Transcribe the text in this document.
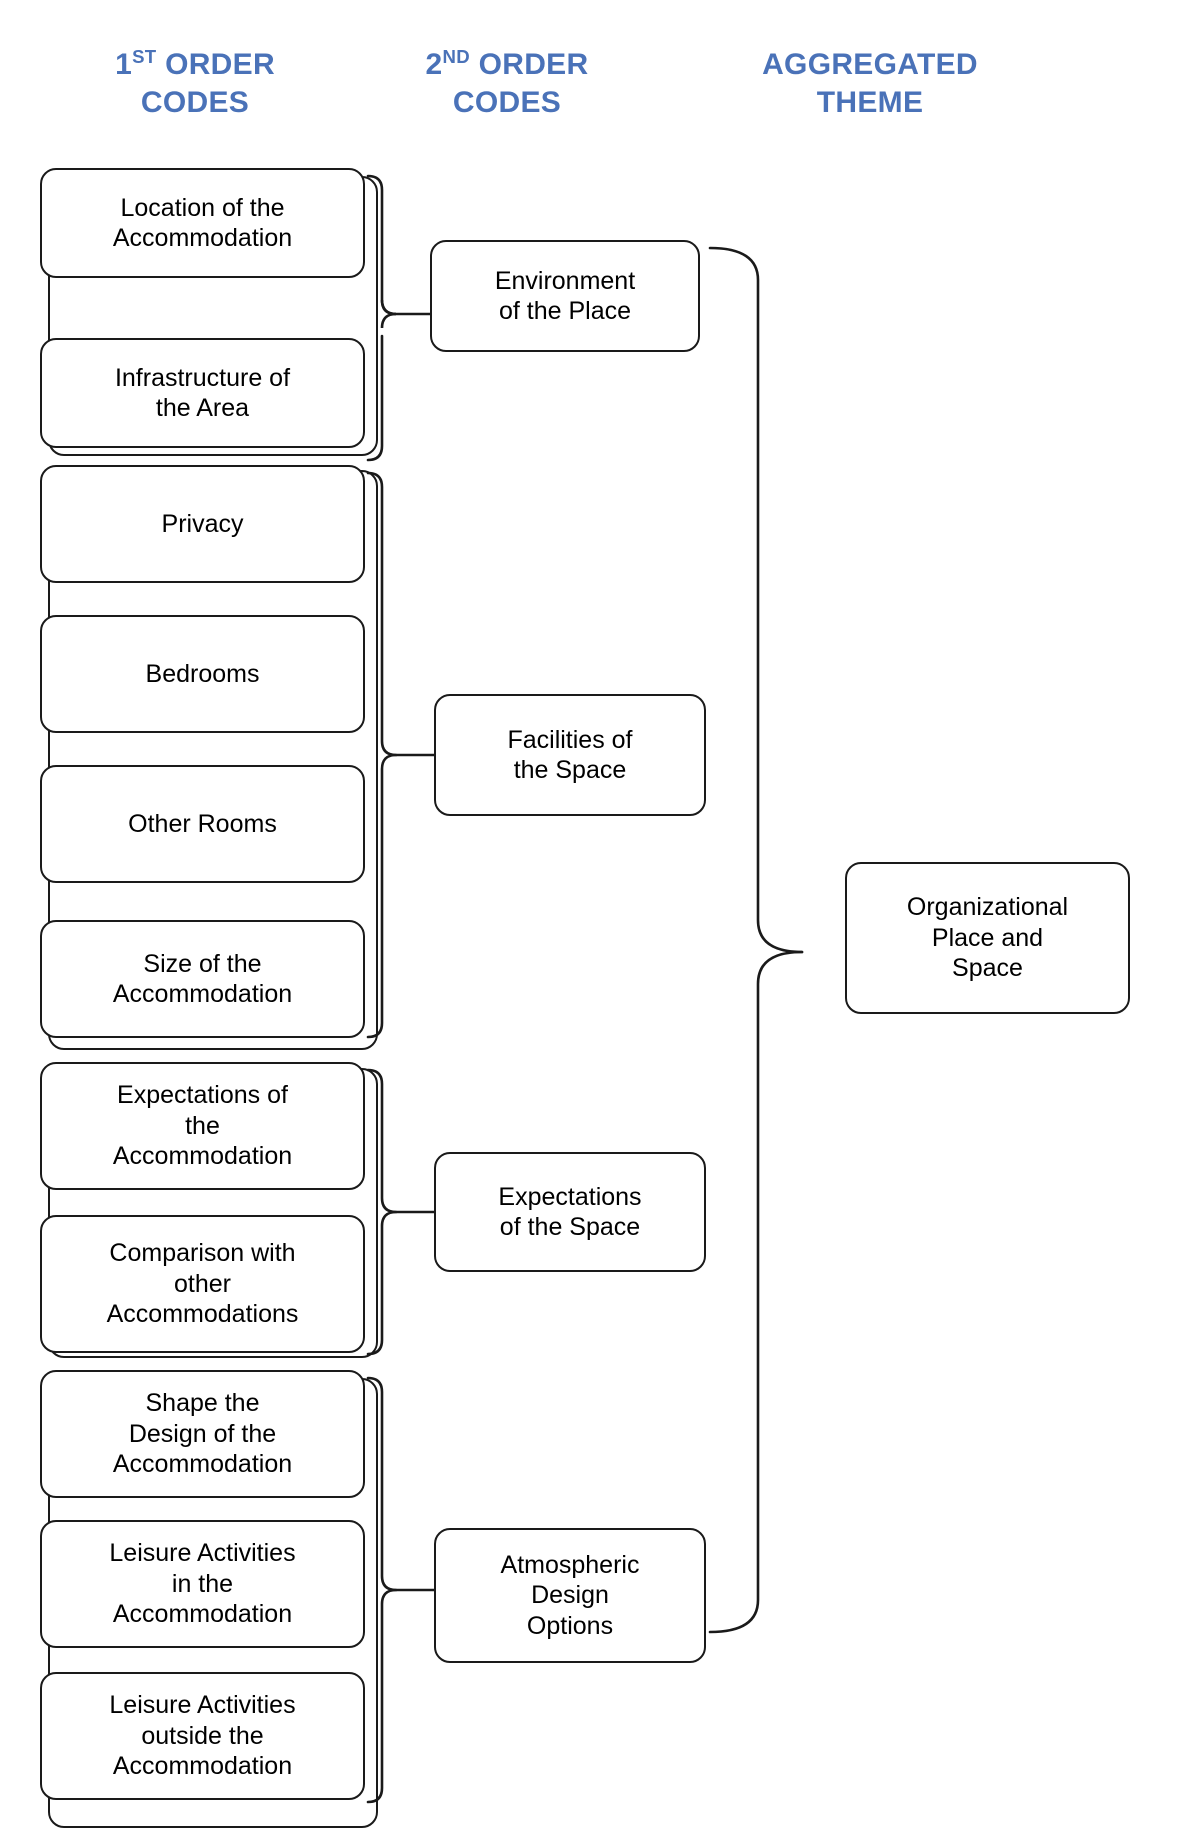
1ST ORDER
CODES
2ND ORDER
CODES
AGGREGATED
THEME
Location of the
Accommodation
Infrastructure of
the Area
Environment
of the Place
Privacy
Bedrooms
Other Rooms
Size of the
Accommodation
Facilities of
the Space
Expectations of
the
Accommodation
Comparison with
other
Accommodations
Expectations
of the Space
Shape the
Design of the
Accommodation
Leisure Activities
in the
Accommodation
Leisure Activities
outside the
Accommodation
Atmospheric
Design
Options
Organizational
Place and
Space
